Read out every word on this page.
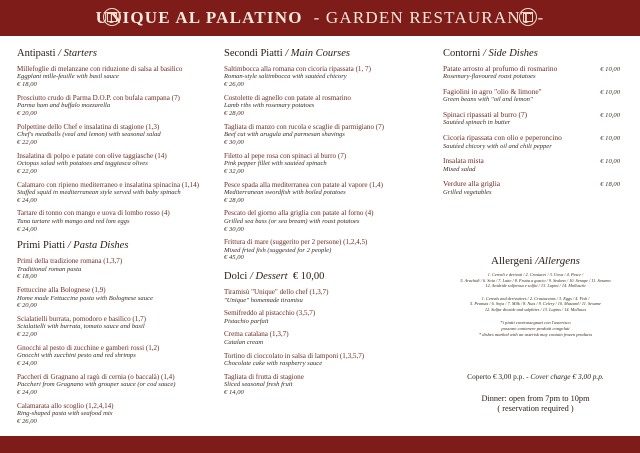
UNIQUE AL PALATINO - GARDEN RESTAURANT -
Antipasti / Starters
Millefoglie di melanzane con riduzione di salsa al basilico
Eggplant mille-feuille with basil sauce
€ 18,00
Prosciutto crudo di Parma D.O.P. con bufala campana (7)
Parma ham and buffalo mozzarella
€ 20,00
Polpettine dello Chef e insalatina di stagione (1,3)
Chef's meatballs (veal and lemon) with seasonal salad
€ 22,00
Insalatina di polpo e patate con olive taggiasche (14)
Octopus salad with potatoes and taggiasca olives
€ 22,00
Calamaro con ripieno mediterraneo e insalatina spinacina (1,14)
Stuffed squid in mediterranean style served with baby spinach
€ 24,00
Tartare di tonno con mango e uova di lombo rosso (4)
Tuna tartare with mango and red lom eggs
€ 24,00
Primi Piatti / Pasta Dishes
Primi della tradizione romana (1,3,7)
Traditional roman pasta
€ 18,00
Fettuccine alla Bolognese (1,9)
Home made Fettuccine pasta with Bolognese sauce
€ 20,00
Scialatielli burrata, pomodoro e basilico (1,7)
Scialatielli with burrata, tomato sauce and basil
€ 22,00
Gnocchi al pesto di zucchine e gamberi rossi (1,2)
Gnocchi with zucchini pesto and red shrimps
€ 24,00
Paccheri di Gragnano al ragù di cernia (o baccalà) (1,4)
Paccheri from Gragnano with grouper sauce (or cod sauce)
€ 24,00
Calamarata allo scoglio (1,2,4,14)
Ring-shaped pasta with seafood mix
€ 26,00
Secondi Piatti / Main Courses
Saltimbocca alla romana con cicoria ripassata (1, 7)
Roman-style saltimbocca with sautéed chicory
€ 26,00
Costolette di agnello con patate al rosmarino
Lamb ribs with rosemary potatoes
€ 28,00
Tagliata di manzo con rucola e scaglie di parmigiano (7)
Beef cut with arugula and parmesan shavings
€ 30,00
Filetto al pepe rosa con spinaci al burro (7)
Pink pepper fillet with sautéed spinach
€ 32,00
Pesce spada alla mediterranea con patate al vapore (1,4)
Mediterranean swordfish with boiled potatoes
€ 28,00
Pescato del giorno alla griglia con patate al forno (4)
Grilled sea bass (or sea bream) with roast potatoes
€ 30,00
Frittura di mare (suggerito per 2 persone) (1,2,4,5)
Mixed fried fish (suggested for 2 people)
€ 45,00
Dolci / Dessert € 10,00
Tiramisù "Unique" dello chef (1,3,7)
"Unique" homemade tiramisu
Semifreddo al pistacchio (3,5,7)
Pistachio parfait
Crema catalana (1,3,7)
Catalan cream
Tortino di cioccolato in salsa di lamponi (1,3,5,7)
Chocolate cake with raspberry sauce
Tagliata di frutta di stagione
Sliced seasonal fresh fruit
€ 14,00
Contorni / Side Dishes
Patate arrosto al profumo di rosmarino
Rosemary-flavoured roast potatoes
€ 10,00
Fagiolini in agro "olio & limone"
Green beans with "oil and lemon"
€ 10,00
Spinaci ripassati al burro (7)
Sautéed spinach in butter
€ 10,00
Cicoria ripassata con olio e peperoncino
Sautéed chicory with oil and chili pepper
€ 10,00
Insalata mista
Mixed salad
€ 10,00
Verdure alla griglia
Grilled vegetables
€ 18,00
Allergeni /Allergens
1. Cereali e derivati / 2. Crostacei / 3. Uova / 4. Pesce /
5. Arachidi / 6. Soia / 7. Latte / 8. Frutta a guscio / 9. Sedano / 10. Senape / 11. Sesamo
12. Anidride solforosa e solfiti / 13. Lupini / 14. Molluschi
1. Cereals and derivatives / 2. Crustaceans / 3. Eggs / 4. Fish /
5. Peanuts / 6. Soya / 7. Milk / 8. Nuts / 9. Celery / 10. Mustard / 11. Sesame
12. Sulfur dioxide and sulphites / 13. Lupins / 14. Molluscs
*i piatti contrassegnati con l'asterisco
possono contenere prodotti congelati
* dishes marked with an asterisk may contain frozen products
Coperto € 3,00 p.p. - Cover charge € 3,00 p.p.
Dinner: open from 7pm to 10pm
( reservation required )
